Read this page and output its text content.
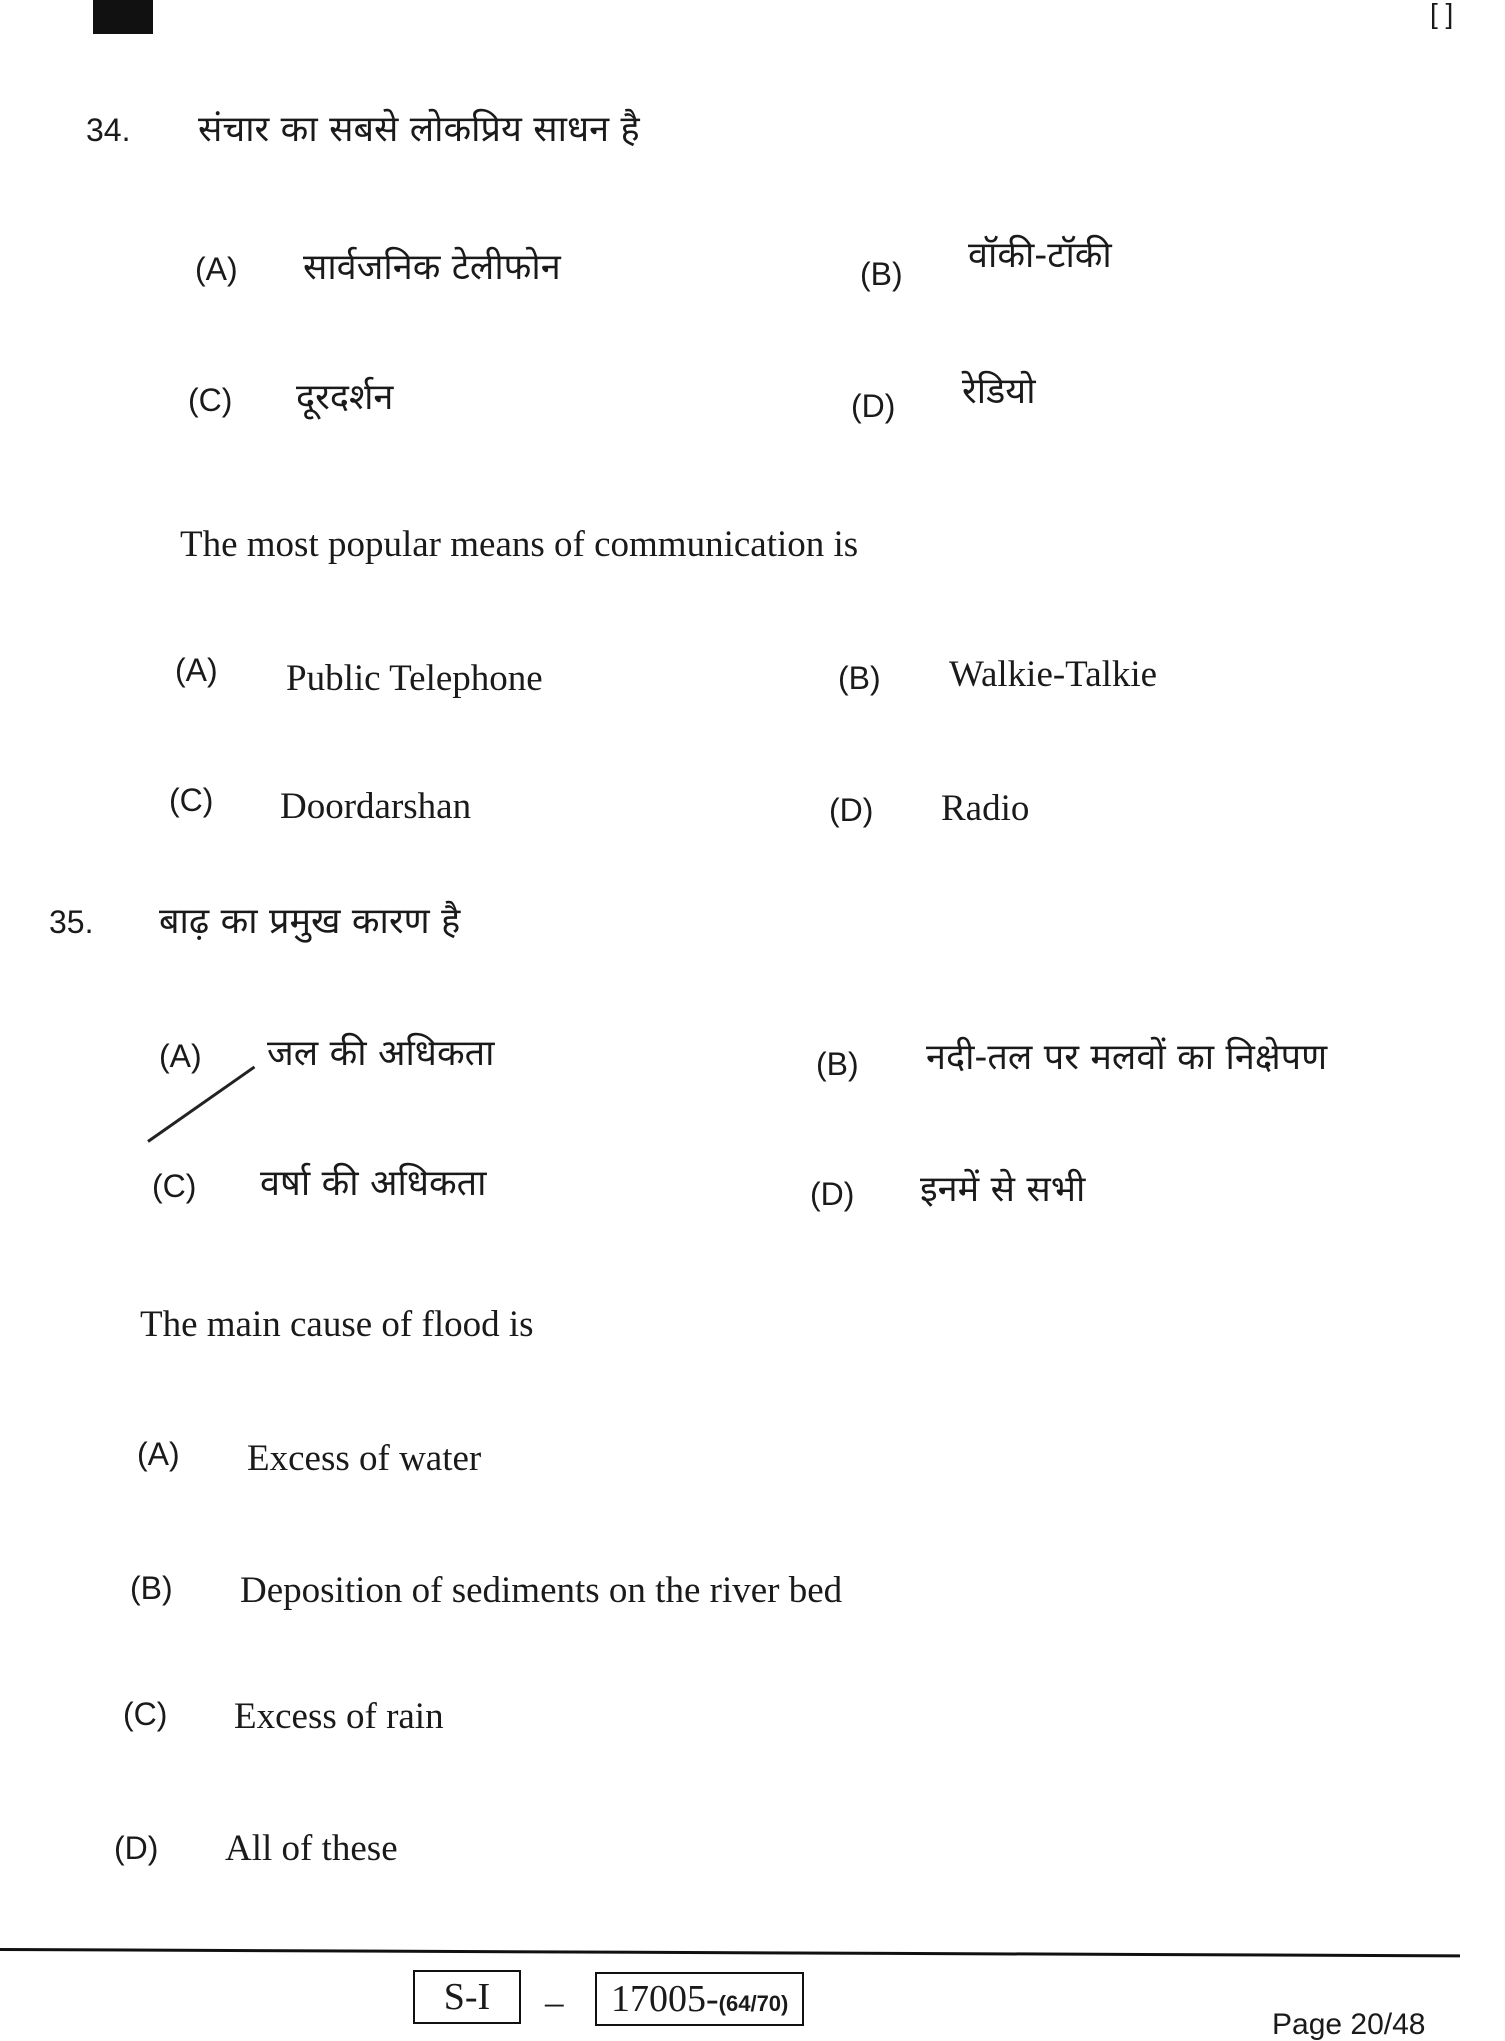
[ ]
34. संचार का सबसे लोकप्रिय साधन है
(A) सार्वजनिक टेलीफोन	(B) वॉकी-टॉकी
(C) दूरदर्शन	(D) रेडियो
The most popular means of communication is
(A) Public Telephone	(B) Walkie-Talkie
(C) Doordarshan	(D) Radio
35. बाढ़ का प्रमुख कारण है
(A) जल की अधिकता	(B) नदी-तल पर मलवों का निक्षेपण
(C) वर्षा की अधिकता	(D) इनमें से सभी
The main cause of flood is
(A) Excess of water
(B) Deposition of sediments on the river bed
(C) Excess of rain
(D) All of these
S-I	–	17005-(64/70)
Page 20/48
